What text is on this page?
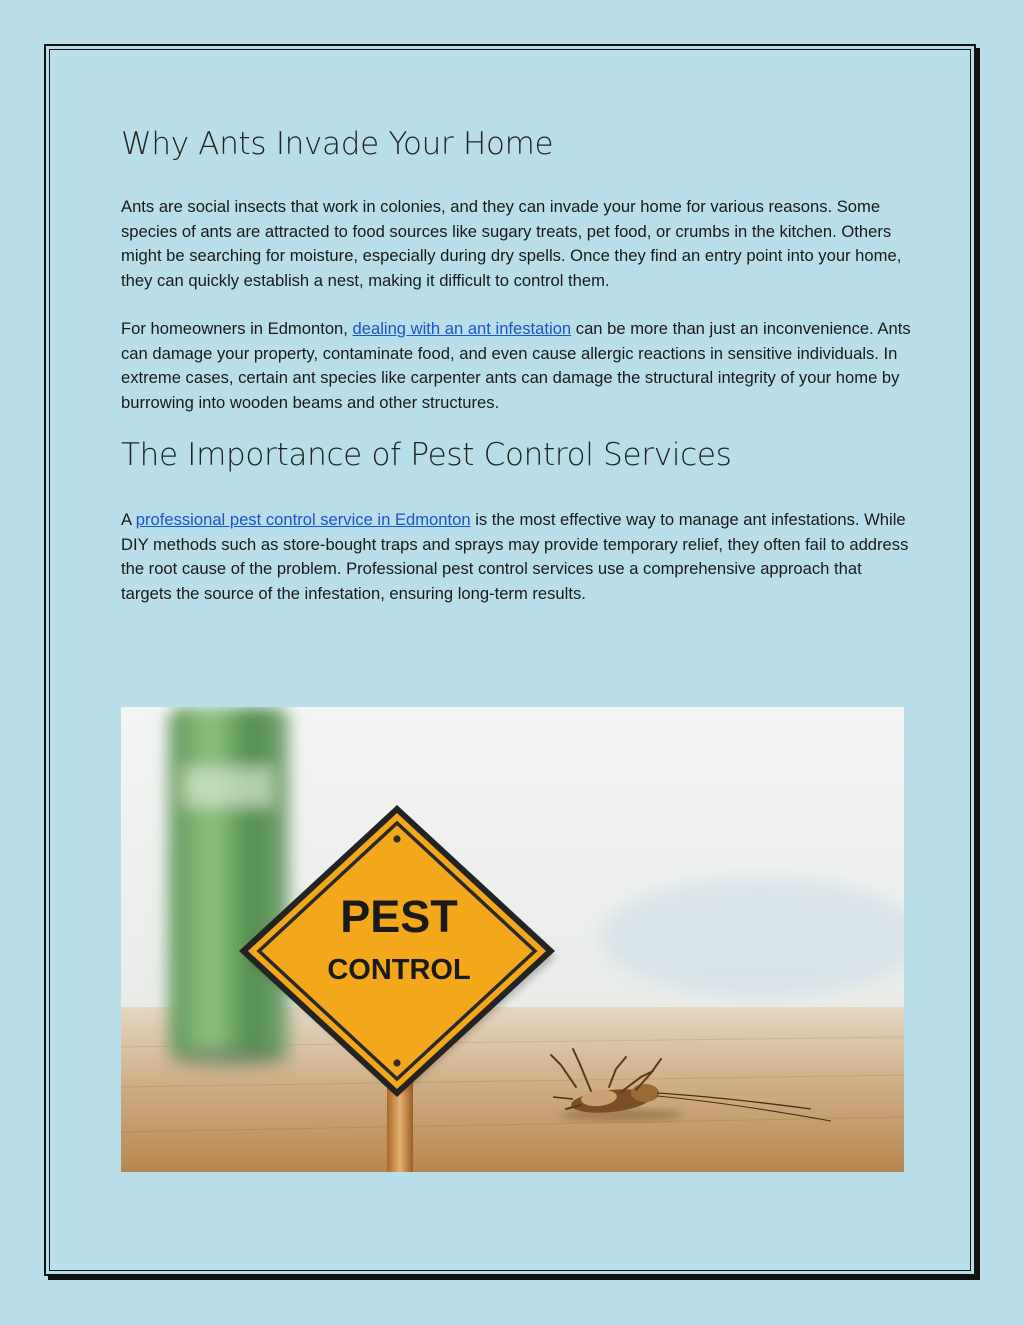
Why Ants Invade Your Home

Ants are social insects that work in colonies, and they can invade your home for various reasons. Some species of ants are attracted to food sources like sugary treats, pet food, or crumbs in the kitchen. Others might be searching for moisture, especially during dry spells. Once they find an entry point into your home, they can quickly establish a nest, making it difficult to control them.

For homeowners in Edmonton, dealing with an ant infestation can be more than just an inconvenience. Ants can damage your property, contaminate food, and even cause allergic reactions in sensitive individuals. In extreme cases, certain ant species like carpenter ants can damage the structural integrity of your home by burrowing into wooden beams and other structures.

The Importance of Pest Control Services

A professional pest control service in Edmonton is the most effective way to manage ant infestations. While DIY methods such as store-bought traps and sprays may provide temporary relief, they often fail to address the root cause of the problem. Professional pest control services use a comprehensive approach that targets the source of the infestation, ensuring long-term results.

PEST
CONTROL
